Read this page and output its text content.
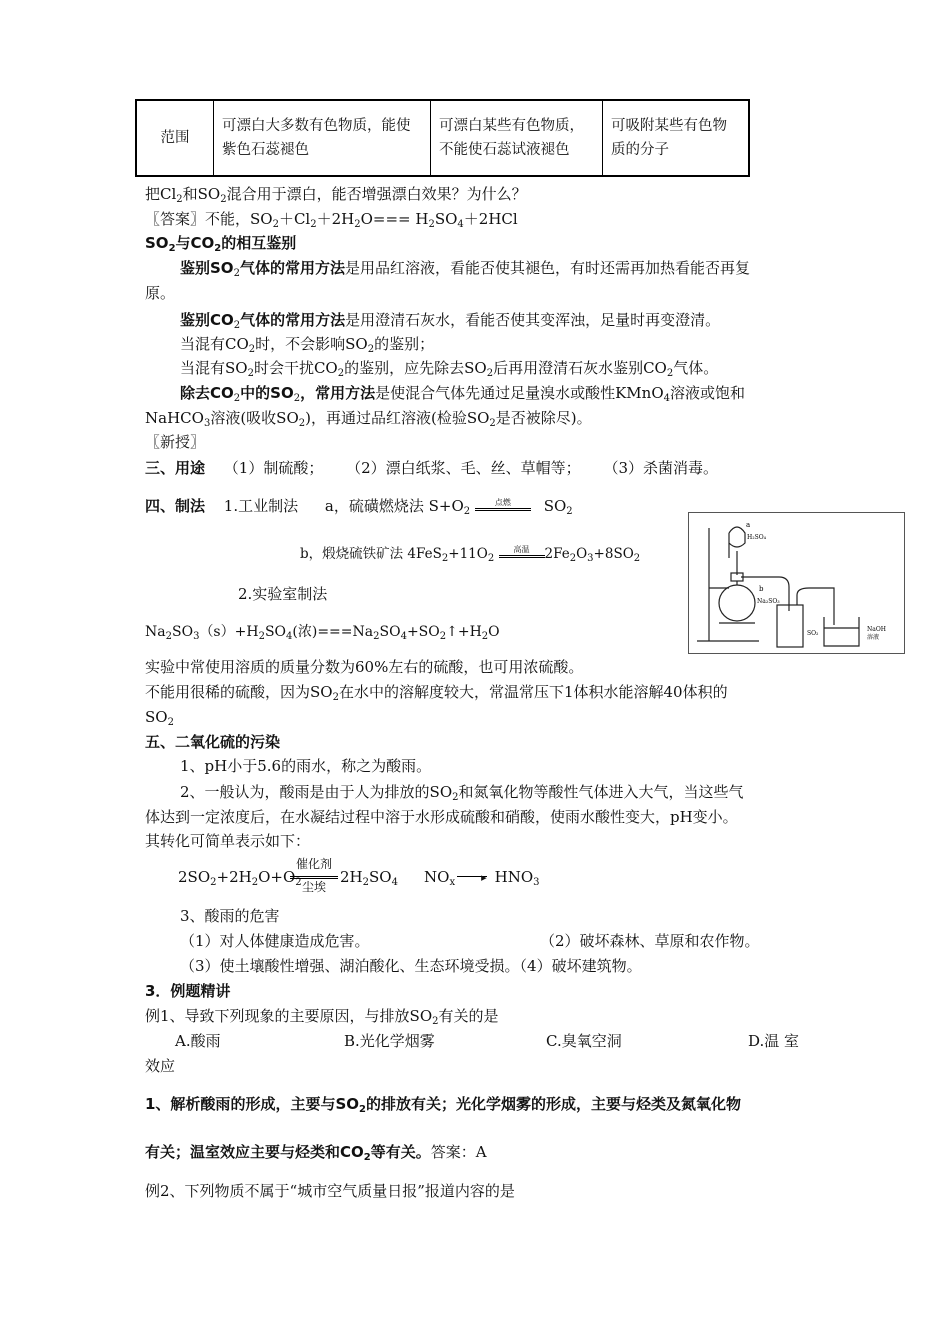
范围	可漂白大多数有色物质，能使紫色石蕊褪色	可漂白某些有色物质，不能使石蕊试液褪色	可吸附某些有色物质的分子
把$Cl_2$和$SO_2$混合用于漂白，能否增强漂白效果？为什么？
〖答案〗不能，$SO_2+Cl_2+2H_2O=== H_2SO_4+2HCl$
$SO_2$与$CO_2$的相互鉴别
鉴别$SO_2$气体的常用方法是用品红溶液，看能否使其褪色，有时还需再加热看能否再复
原。
鉴别$CO_2$气体的常用方法是用澄清石灰水，看能否使其变浑浊，足量时再变澄清。
当混有$CO_2$时，不会影响$SO_2$的鉴别；
当混有$SO_2$时会干扰$CO_2$的鉴别，应先除去$SO_2$后再用澄清石灰水鉴别$CO_2$气体。
除去$CO_2$中的$SO_2$，常用方法是使混合气体先通过足量溴水或酸性KMnO$_4$溶液或饱和
NaHCO$_3$溶液(吸收$SO_2$)，再通过品红溶液(检验$SO_2$是否被除尽)。
〖新授〗
三、用途 （1）制硫酸； （2）漂白纸浆、毛、丝、草帽等； （3）杀菌消毒。
四、制法 1.工业制法 a，硫磺燃烧法 $S+O_2$ 点燃 $SO_2$
b，煅烧硫铁矿法 $4FeS_2+11O_2$ 高温 $2Fe_2O_3+8SO_2$
2.实验室制法
$Na_2SO_3(s)+H_2SO_4$(浓)$===Na_2SO_4+SO_2↑+H_2O$
a
H₂SO₄
b
Na₂SO₃
SO₂
NaOH
溶液
实验中常使用溶质的质量分数为60%左右的硫酸，也可用浓硫酸。
不能用很稀的硫酸，因为$SO_2$在水中的溶解度较大，常温常压下1体积水能溶解40体积的
$SO_2$
五、二氧化硫的污染
1、pH小于5.6的雨水，称之为酸雨。
2、一般认为，酸雨是由于人为排放的$SO_2$和氮氧化物等酸性气体进入大气，当这些气
体达到一定浓度后，在水凝结过程中溶于水形成硫酸和硝酸，使雨水酸性变大，pH变小。
其转化可简单表示如下：
$2SO_2+2H_2O+O_2$
催化剂

尘埃
$2H_2SO_4$ $NO_x$ ▸ $HNO_3$
3、酸雨的危害
（1）对人体健康造成危害。	（2）破坏森林、草原和农作物。
（3）使土壤酸性增强、湖泊酸化、生态环境受损。（4）破坏建筑物。
3．例题精讲
例1、导致下列现象的主要原因，与排放$SO_2$有关的是
A.酸雨	B.光化学烟雾	C.臭氧空洞	D.温 室
效应
1、解析酸雨的形成，主要与$SO_2$的排放有关；光化学烟雾的形成，主要与烃类及氮氧化物
有关；温室效应主要与烃类和$CO_2$等有关。答案：A
例2、下列物质不属于“城市空气质量日报”报道内容的是
